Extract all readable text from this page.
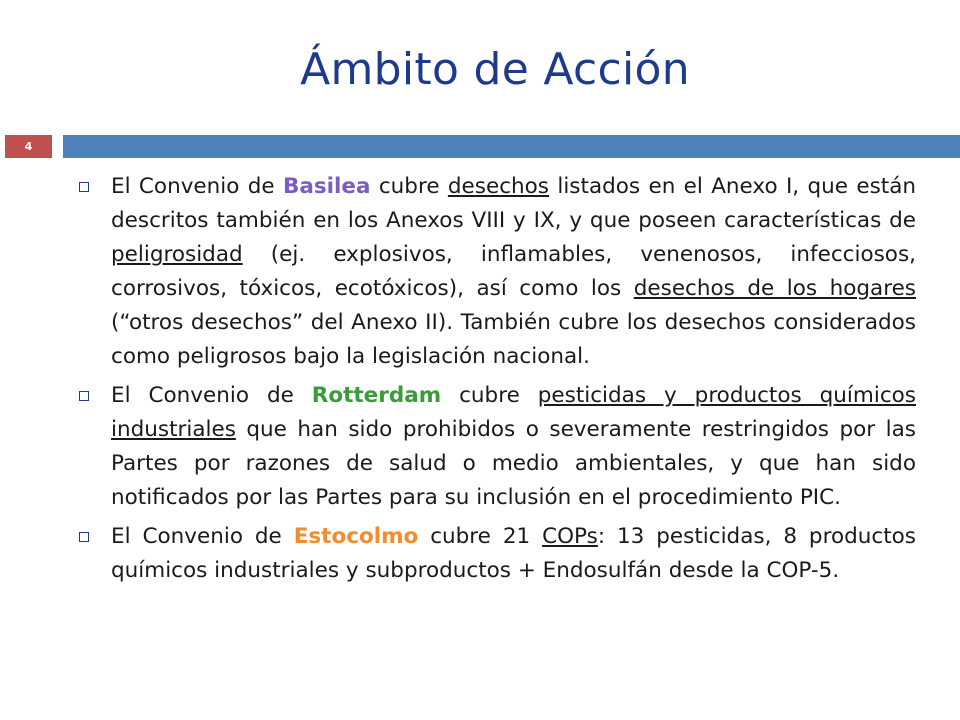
Ámbito de Acción
4

El Convenio de Basilea cubre desechos listados en el Anexo I, que están descritos también en los Anexos VIII y IX, y que poseen características de peligrosidad (ej. explosivos, inflamables, venenosos, infecciosos, corrosivos, tóxicos, ecotóxicos), así como los desechos de los hogares (“otros desechos” del Anexo II). También cubre los desechos considerados como peligrosos bajo la legislación nacional.

El Convenio de Rotterdam cubre pesticidas y productos químicos industriales que han sido prohibidos o severamente restringidos por las Partes por razones de salud o medio ambientales, y que han sido notificados por las Partes para su inclusión en el procedimiento PIC.

El Convenio de Estocolmo cubre 21 COPs: 13 pesticidas, 8 productos químicos industriales y subproductos + Endosulfán desde la COP-5.
